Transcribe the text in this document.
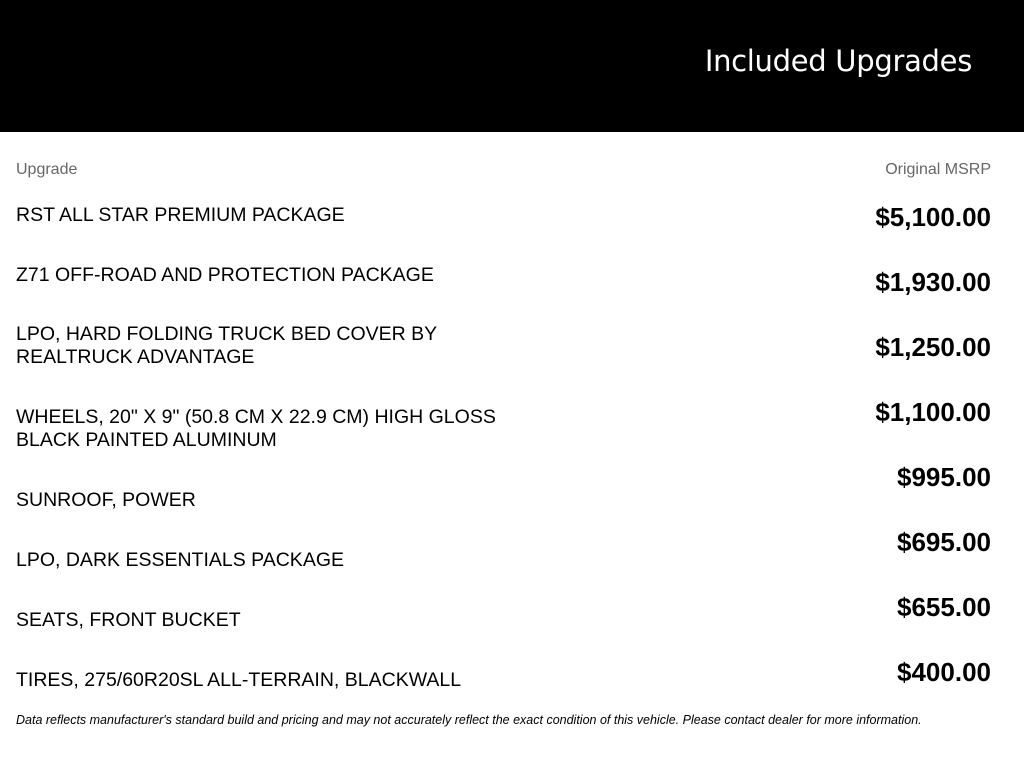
Included Upgrades
Upgrade	Original MSRP
RST ALL STAR PREMIUM PACKAGE
Z71 OFF-ROAD AND PROTECTION PACKAGE
LPO, HARD FOLDING TRUCK BED COVER BY
REALTRUCK ADVANTAGE
WHEELS, 20" X 9" (50.8 CM X 22.9 CM) HIGH GLOSS
BLACK PAINTED ALUMINUM
SUNROOF, POWER
LPO, DARK ESSENTIALS PACKAGE
SEATS, FRONT BUCKET
TIRES, 275/60R20SL ALL-TERRAIN, BLACKWALL
$5,100.00
$1,930.00
$1,250.00
$1,100.00
$995.00
$695.00
$655.00
$400.00
Data reflects manufacturer's standard build and pricing and may not accurately reflect the exact condition of this vehicle. Please contact dealer for more information.
